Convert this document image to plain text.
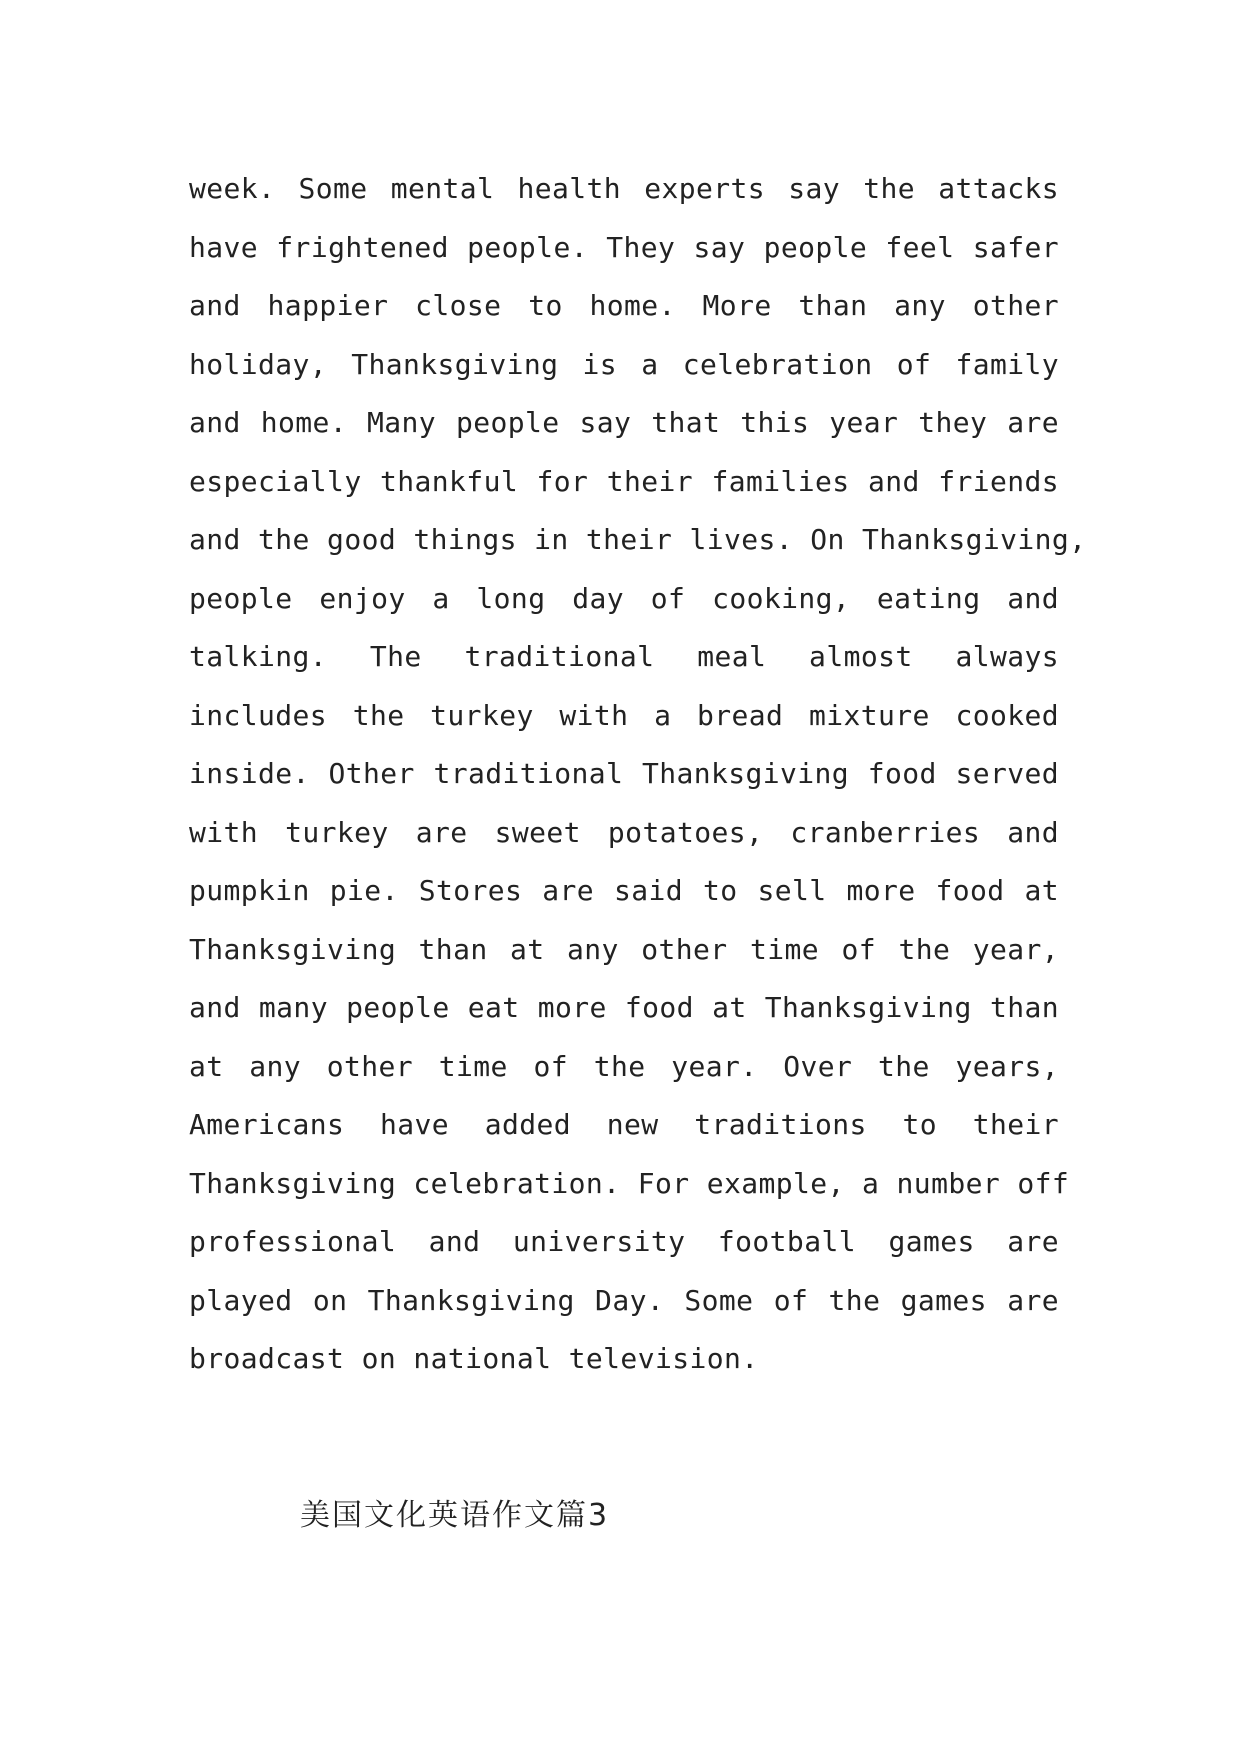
week. Some mental health experts say the attacks
have frightened people. They say people feel safer
and happier close to home. More than any other
holiday, Thanksgiving is a celebration of family
and home. Many people say that this year they are
especially thankful for their families and friends
and the good things in their lives. On Thanksgiving,
people enjoy a long day of cooking, eating and
talking. The traditional meal almost always
includes the turkey with a bread mixture cooked
inside. Other traditional Thanksgiving food served
with turkey are sweet potatoes, cranberries and
pumpkin pie. Stores are said to sell more food at
Thanksgiving than at any other time of the year,
and many people eat more food at Thanksgiving than
at any other time of the year. Over the years,
Americans have added new traditions to their
Thanksgiving celebration. For example, a number off
professional and university football games are
played on Thanksgiving Day. Some of the games are
broadcast on national television.
美国文化英语作文篇3
